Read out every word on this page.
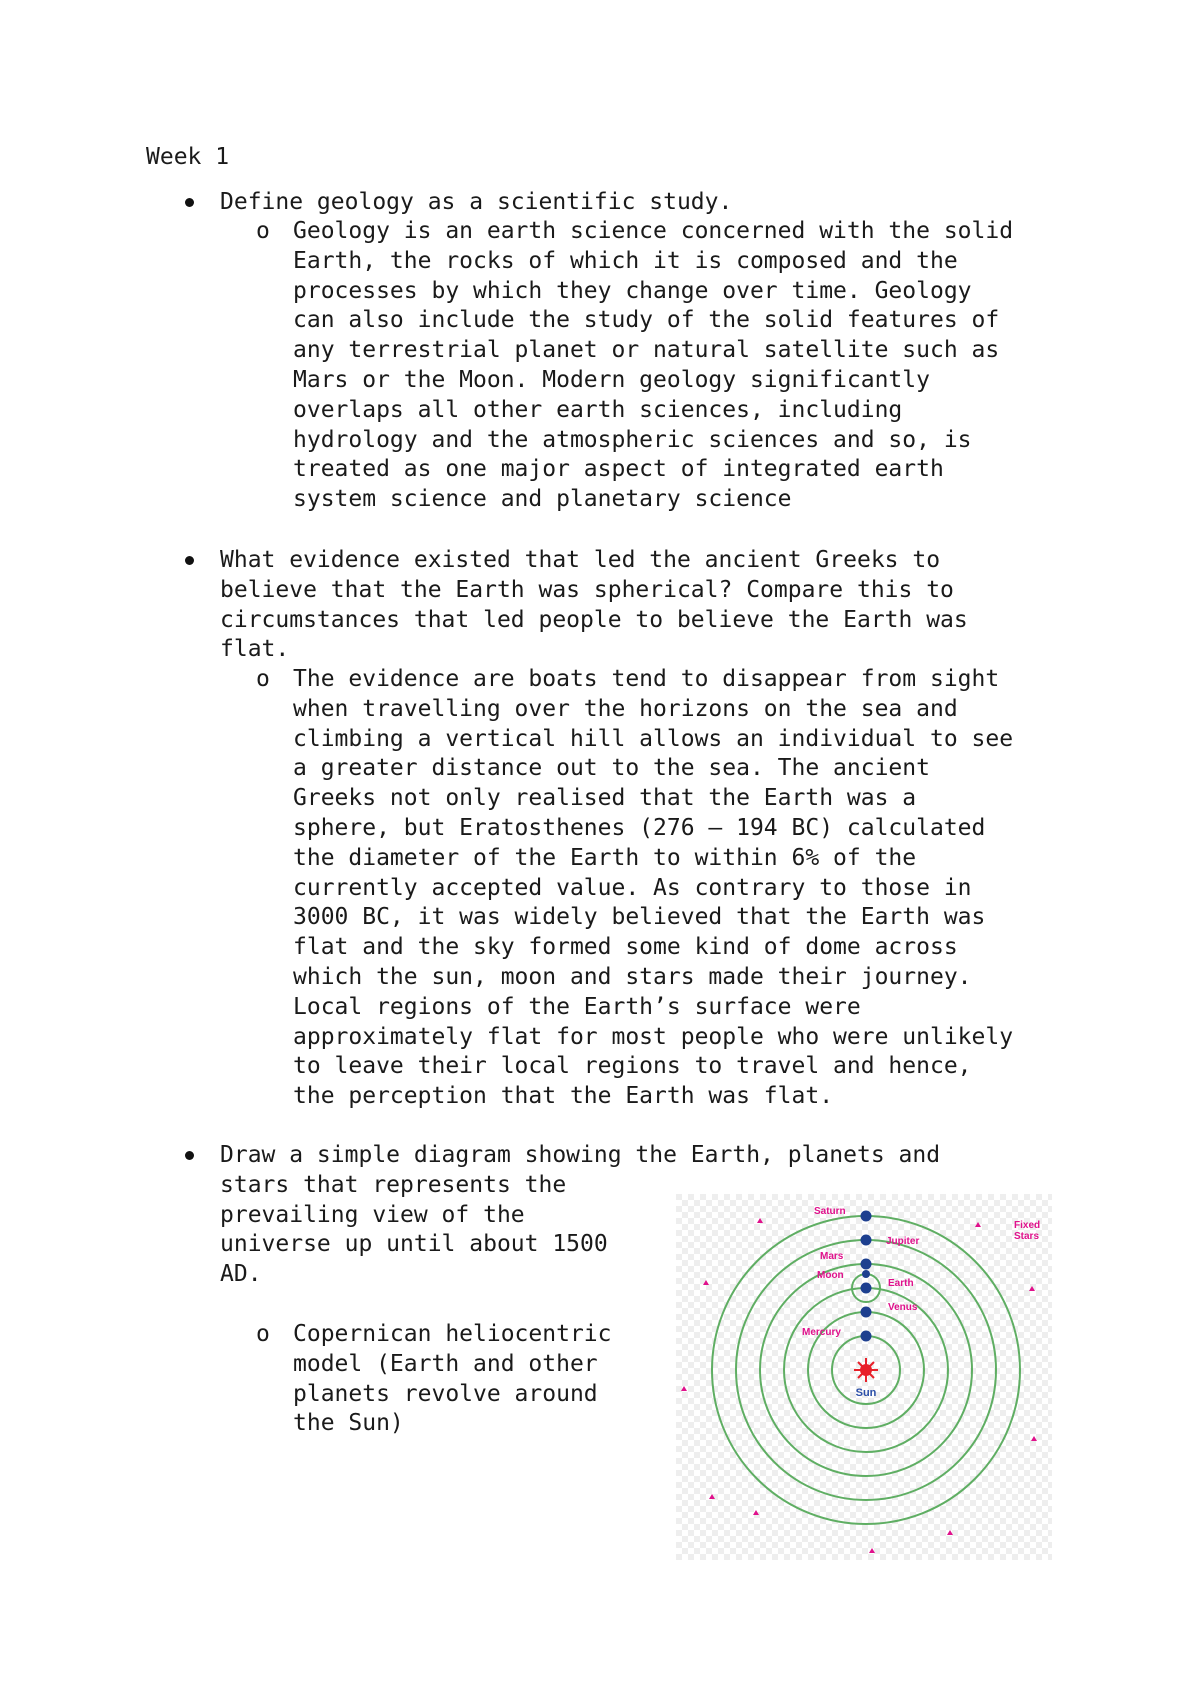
Week 1
Define geology as a scientific study.
o Geology is an earth science concerned with the solid
Earth, the rocks of which it is composed and the
processes by which they change over time. Geology
can also include the study of the solid features of
any terrestrial planet or natural satellite such as
Mars or the Moon. Modern geology significantly
overlaps all other earth sciences, including
hydrology and the atmospheric sciences and so, is
treated as one major aspect of integrated earth
system science and planetary science
What evidence existed that led the ancient Greeks to
believe that the Earth was spherical? Compare this to
circumstances that led people to believe the Earth was
flat.
o The evidence are boats tend to disappear from sight
when travelling over the horizons on the sea and
climbing a vertical hill allows an individual to see
a greater distance out to the sea. The ancient
Greeks not only realised that the Earth was a
sphere, but Eratosthenes (276 – 194 BC) calculated
the diameter of the Earth to within 6% of the
currently accepted value. As contrary to those in
3000 BC, it was widely believed that the Earth was
flat and the sky formed some kind of dome across
which the sun, moon and stars made their journey.
Local regions of the Earth’s surface were
approximately flat for most people who were unlikely
to leave their local regions to travel and hence,
the perception that the Earth was flat.
Draw a simple diagram showing the Earth, planets and
stars that represents the
prevailing view of the
universe up until about 1500
AD.
o Copernican heliocentric
model (Earth and other
planets revolve around
the Sun)
Sun
Saturn
Jupiter
Mars
Moon
Earth
Venus
Mercury
Fixed
Stars
